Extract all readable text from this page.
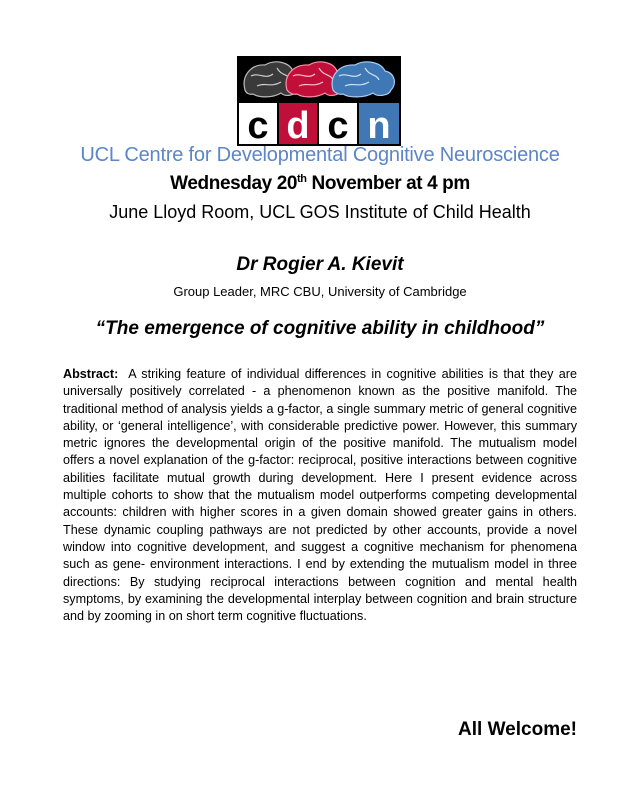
c d c n
UCL Centre for Developmental Cognitive Neuroscience
Wednesday 20th November at 4 pm
June Lloyd Room, UCL GOS Institute of Child Health
Dr Rogier A. Kievit
Group Leader, MRC CBU, University of Cambridge
“The emergence of cognitive ability in childhood”

Abstract: A striking feature of individual differences in cognitive abilities is that they are universally positively correlated - a phenomenon known as the positive manifold. The traditional method of analysis yields a g-factor, a single summary metric of general cognitive ability, or ‘general intelligence’, with considerable predictive power. However, this summary metric ignores the developmental origin of the positive manifold. The mutualism model offers a novel explanation of the g-factor: reciprocal, positive interactions between cognitive abilities facilitate mutual growth during development. Here I present evidence across multiple cohorts to show that the mutualism model outperforms competing developmental accounts: children with higher scores in a given domain showed greater gains in others. These dynamic coupling pathways are not predicted by other accounts, provide a novel window into cognitive development, and suggest a cognitive mechanism for phenomena such as gene- environment interactions. I end by extending the mutualism model in three directions: By studying reciprocal interactions between cognition and mental health symptoms, by examining the developmental interplay between cognition and brain structure and by zooming in on short term cognitive fluctuations.

All Welcome!
